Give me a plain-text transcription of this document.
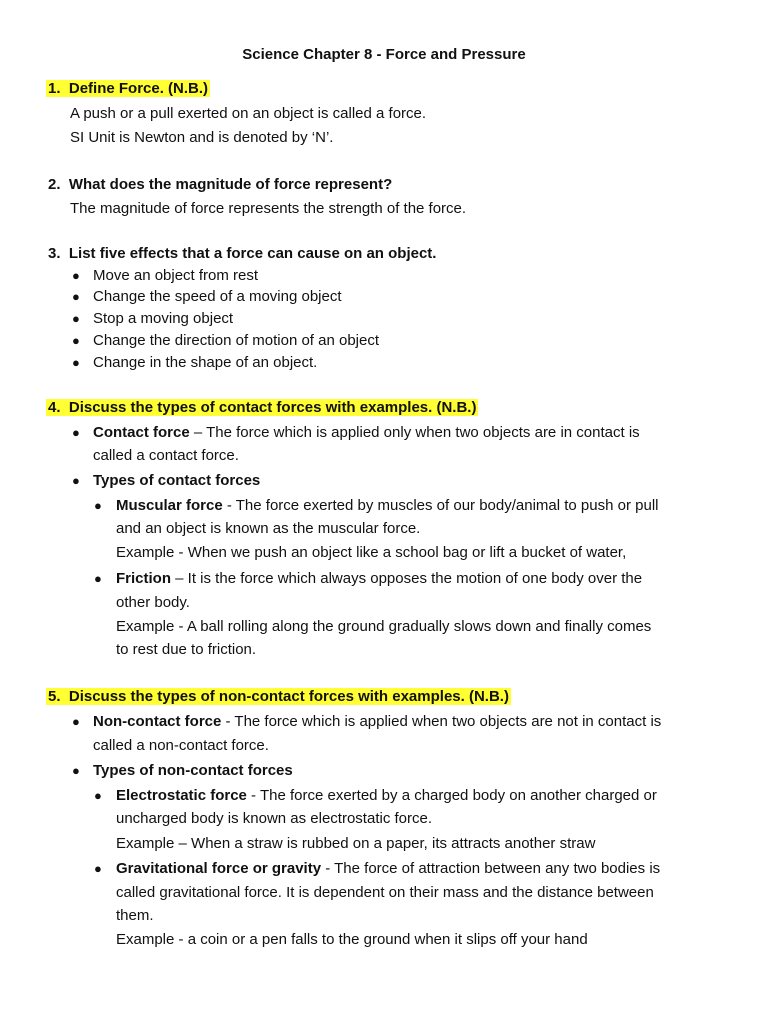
Science Chapter 8 - Force and Pressure
1. Define Force. (N.B.)
A push or a pull exerted on an object is called a force.
SI Unit is Newton and is denoted by ‘N’.
2. What does the magnitude of force represent?
The magnitude of force represents the strength of the force.
3. List five effects that a force can cause on an object.
● Move an object from rest
● Change the speed of a moving object
● Stop a moving object
● Change the direction of motion of an object
● Change in the shape of an object.
4. Discuss the types of contact forces with examples. (N.B.)
● Contact force – The force which is applied only when two objects are in contact is
called a contact force.
● Types of contact forces
● Muscular force - The force exerted by muscles of our body/animal to push or pull
and an object is known as the muscular force.
Example - When we push an object like a school bag or lift a bucket of water,
● Friction – It is the force which always opposes the motion of one body over the
other body.
Example - A ball rolling along the ground gradually slows down and finally comes
to rest due to friction.
5. Discuss the types of non-contact forces with examples. (N.B.)
● Non-contact force - The force which is applied when two objects are not in contact is
called a non-contact force.
● Types of non-contact forces
● Electrostatic force - The force exerted by a charged body on another charged or
uncharged body is known as electrostatic force.
Example – When a straw is rubbed on a paper, its attracts another straw
● Gravitational force or gravity - The force of attraction between any two bodies is
called gravitational force. It is dependent on their mass and the distance between
them.
Example - a coin or a pen falls to the ground when it slips off your hand
